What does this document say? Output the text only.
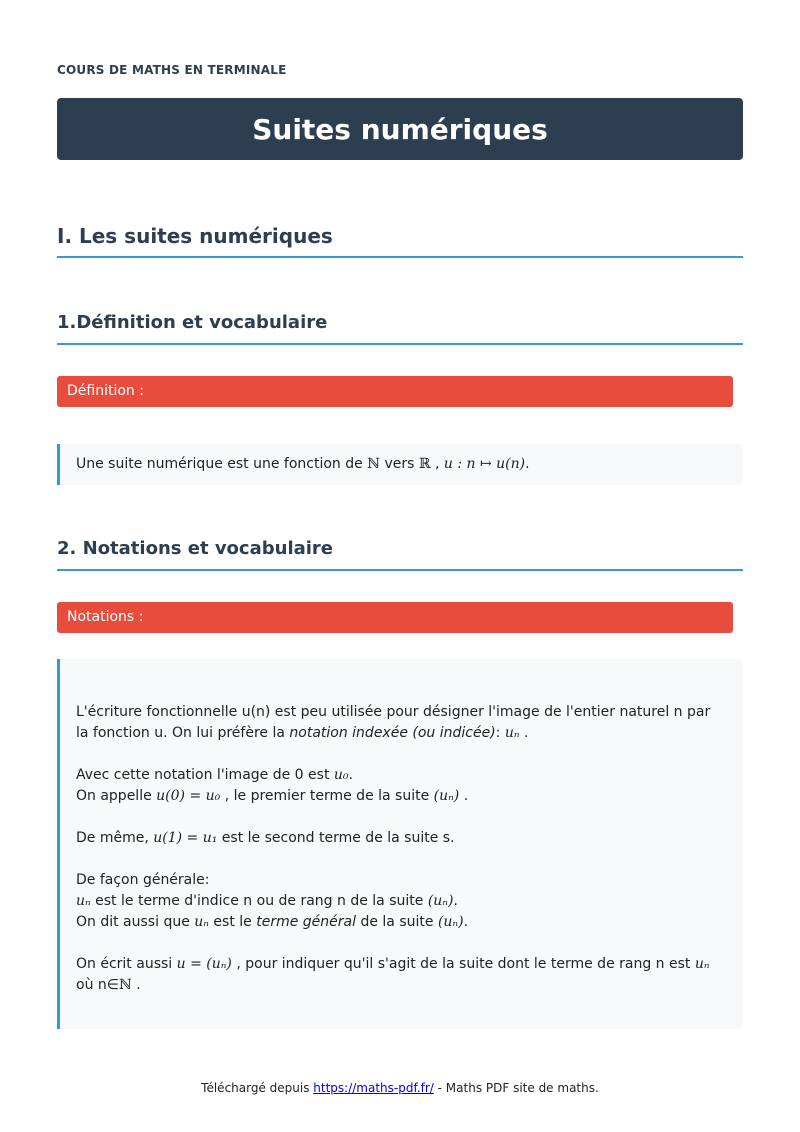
COURS DE MATHS EN TERMINALE
Suites numériques
I. Les suites numériques
1.Définition et vocabulaire
Définition :
Une suite numérique est une fonction de ℕ vers ℝ , u : n ↦ u(n).
2. Notations et vocabulaire
Notations :

L'écriture fonctionnelle u(n) est peu utilisée pour désigner l'image de l'entier naturel n par la fonction u. On lui préfère la notation indexée (ou indicée): uₙ .

Avec cette notation l'image de 0 est u₀.
On appelle u(0) = u₀ , le premier terme de la suite (uₙ) .

De même, u(1) = u₁ est le second terme de la suite s.

De façon générale:
uₙ est le terme d'indice n ou de rang n de la suite (uₙ).
On dit aussi que uₙ est le terme général de la suite (uₙ).

On écrit aussi u = (uₙ) , pour indiquer qu'il s'agit de la suite dont le terme de rang n est uₙ où n∈ℕ .

Téléchargé depuis https://maths-pdf.fr/ - Maths PDF site de maths.
